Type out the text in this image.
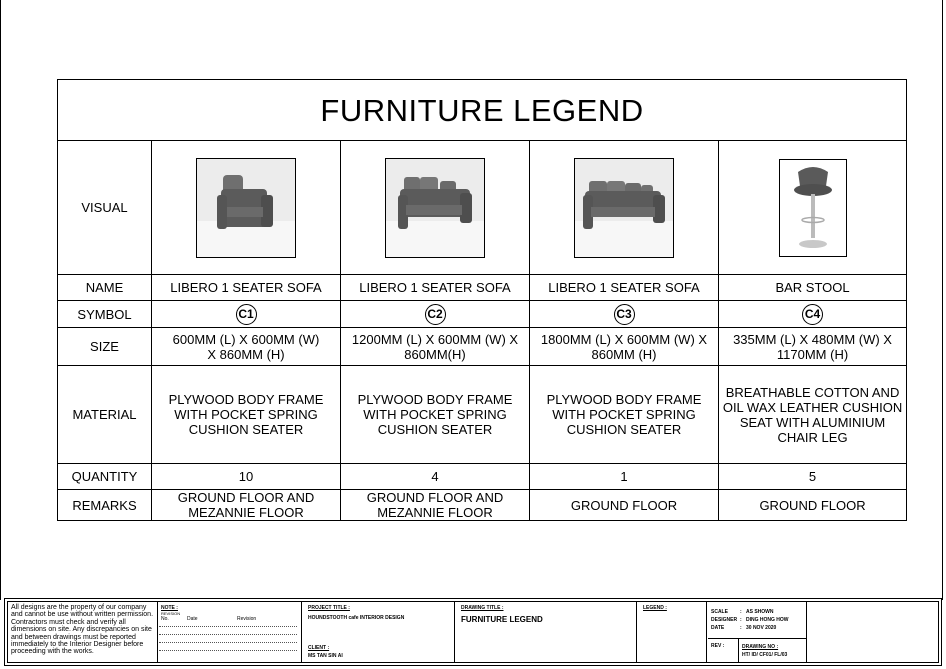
FURNITURE LEGEND				
VISUAL				
NAME	LIBERO 1 SEATER SOFA	LIBERO 1 SEATER SOFA	LIBERO 1 SEATER SOFA	BAR STOOL
SYMBOL	C1	C2	C3	C4
SIZE	600MM (L) X 600MM (W) X 860MM (H)	1200MM (L) X 600MM (W) X 860MM(H)	1800MM (L) X 600MM (W) X 860MM (H)	335MM (L) X 480MM (W) X 1170MM (H)
MATERIAL	PLYWOOD BODY FRAME WITH POCKET SPRING CUSHION SEATER	PLYWOOD BODY FRAME WITH POCKET SPRING CUSHION SEATER	PLYWOOD BODY FRAME WITH POCKET SPRING CUSHION SEATER	BREATHABLE COTTON AND OIL WAX LEATHER CUSHION SEAT WITH ALUMINIUM CHAIR LEG
QUANTITY	10	4	1	5
REMARKS	GROUND FLOOR AND MEZANNIE FLOOR	GROUND FLOOR AND MEZANNIE FLOOR	GROUND FLOOR	GROUND FLOOR
All designs are the property of our company and cannot be use without written permission. Contractors must check and verify all dimensions on site. Any discrepancies on site and between drawings must be reported immediately to the Interior Designer before proceeding with the works.
NOTE :
REVISION
No.	Date	Revision
PROJECT TITLE :
HOUNDSTOOTH cafe INTERIOR DESIGN
CLIENT :
MS TAN SIN AI
DRAWING TITLE :
FURNITURE LEGEND
LEGEND :
SCALE	AS SHOWN
:
DESIGNER : DING HONG HOW
DATE	: 30 NOV 2020
REV :	DRAWING NO :
HT/ ID/ CF01/ FL/03
